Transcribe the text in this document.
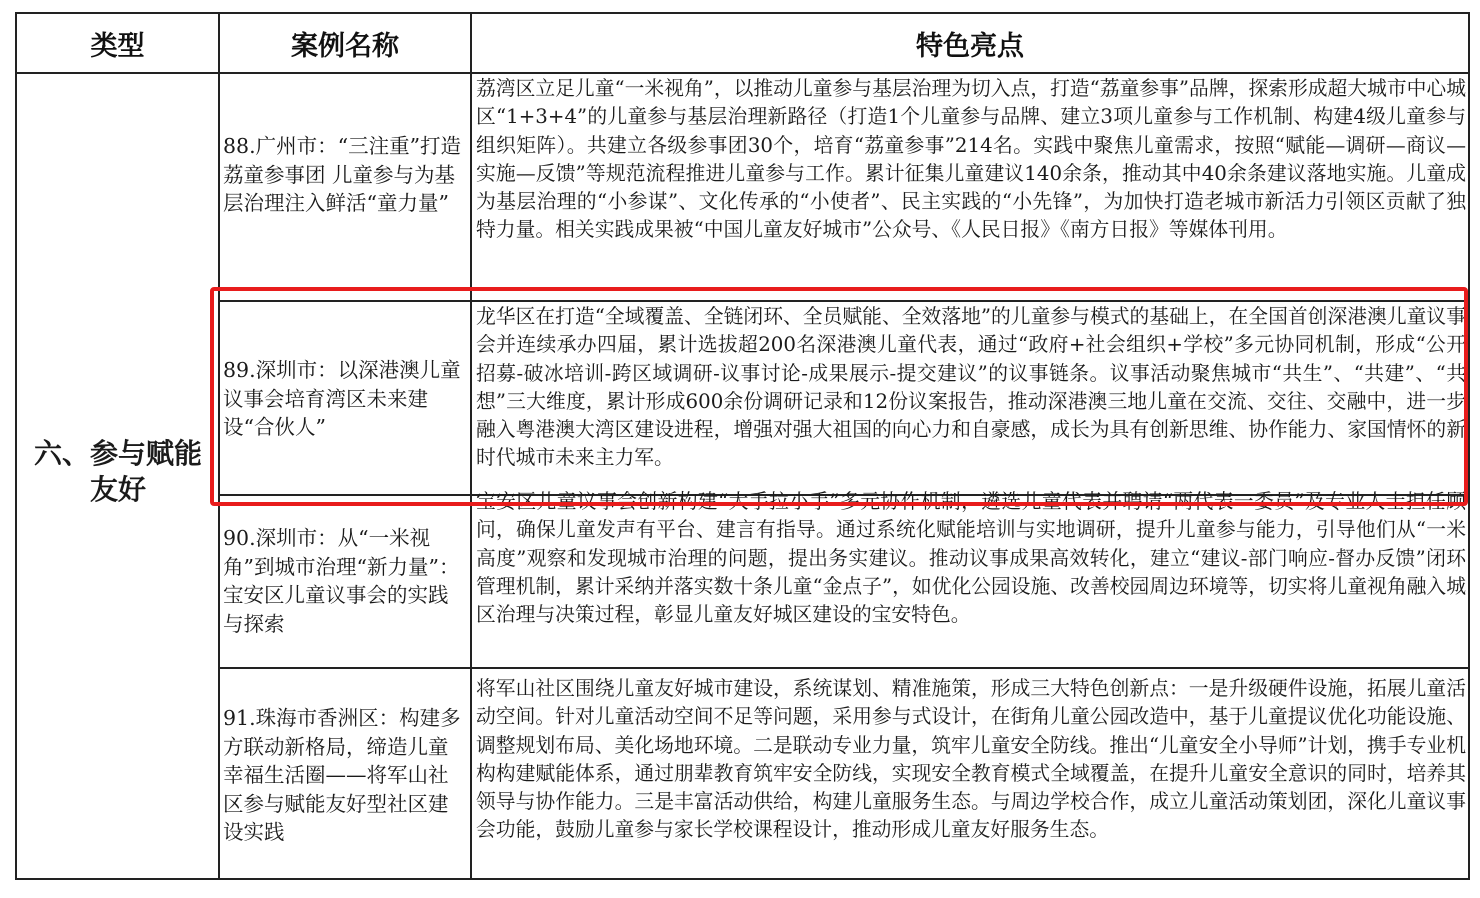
类型	案例名称	特色亮点
六、参与赋能
友好
88.广州市：“三注重”打造荔童参事团 儿童参与为基层治理注入鲜活“童力量”
荔湾区立足儿童“一米视角”，以推动儿童参与基层治理为切入点，打造“荔童参事”品牌，探索形成超大城市中心城区“1+3+4”的儿童参与基层治理新路径（打造1个儿童参与品牌、建立3项儿童参与工作机制、构建4级儿童参与组织矩阵）。共建立各级参事团30个，培育“荔童参事”214名。实践中聚焦儿童需求，按照“赋能—调研—商议—实施—反馈”等规范流程推进儿童参与工作。累计征集儿童建议140余条，推动其中40余条建议落地实施。儿童成为基层治理的“小参谋”、文化传承的“小使者”、民主实践的“小先锋”，为加快打造老城市新活力引领区贡献了独特力量。相关实践成果被“中国儿童友好城市”公众号、《人民日报》《南方日报》等媒体刊用。
89.深圳市：以深港澳儿童议事会培育湾区未来建设“合伙人”
龙华区在打造“全域覆盖、全链闭环、全员赋能、全效落地”的儿童参与模式的基础上，在全国首创深港澳儿童议事会并连续承办四届，累计选拔超200名深港澳儿童代表，通过“政府+社会组织+学校”多元协同机制，形成“公开招募-破冰培训-跨区域调研-议事讨论-成果展示-提交建议”的议事链条。议事活动聚焦城市“共生”、“共建”、“共想”三大维度，累计形成600余份调研记录和12份议案报告，推动深港澳三地儿童在交流、交往、交融中，进一步融入粤港澳大湾区建设进程，增强对强大祖国的向心力和自豪感，成长为具有创新思维、协作能力、家国情怀的新时代城市未来主力军。
90.深圳市：从“一米视角”到城市治理“新力量”：宝安区儿童议事会的实践与探索
宝安区儿童议事会创新构建“大手拉小手”多元协作机制，遴选儿童代表并聘请“两代表一委员”及专业人士担任顾问，确保儿童发声有平台、建言有指导。通过系统化赋能培训与实地调研，提升儿童参与能力，引导他们从“一米高度”观察和发现城市治理的问题，提出务实建议。推动议事成果高效转化，建立“建议-部门响应-督办反馈”闭环管理机制，累计采纳并落实数十条儿童“金点子”，如优化公园设施、改善校园周边环境等，切实将儿童视角融入城区治理与决策过程，彰显儿童友好城区建设的宝安特色。
91.珠海市香洲区：构建多方联动新格局，缔造儿童幸福生活圈——将军山社区参与赋能友好型社区建设实践
将军山社区围绕儿童友好城市建设，系统谋划、精准施策，形成三大特色创新点：一是升级硬件设施，拓展儿童活动空间。针对儿童活动空间不足等问题，采用参与式设计，在街角儿童公园改造中，基于儿童提议优化功能设施、调整规划布局、美化场地环境。二是联动专业力量，筑牢儿童安全防线。推出“儿童安全小导师”计划，携手专业机构构建赋能体系，通过朋辈教育筑牢安全防线，实现安全教育模式全域覆盖，在提升儿童安全意识的同时，培养其领导与协作能力。三是丰富活动供给，构建儿童服务生态。与周边学校合作，成立儿童活动策划团，深化儿童议事会功能，鼓励儿童参与家长学校课程设计，推动形成儿童友好服务生态。
